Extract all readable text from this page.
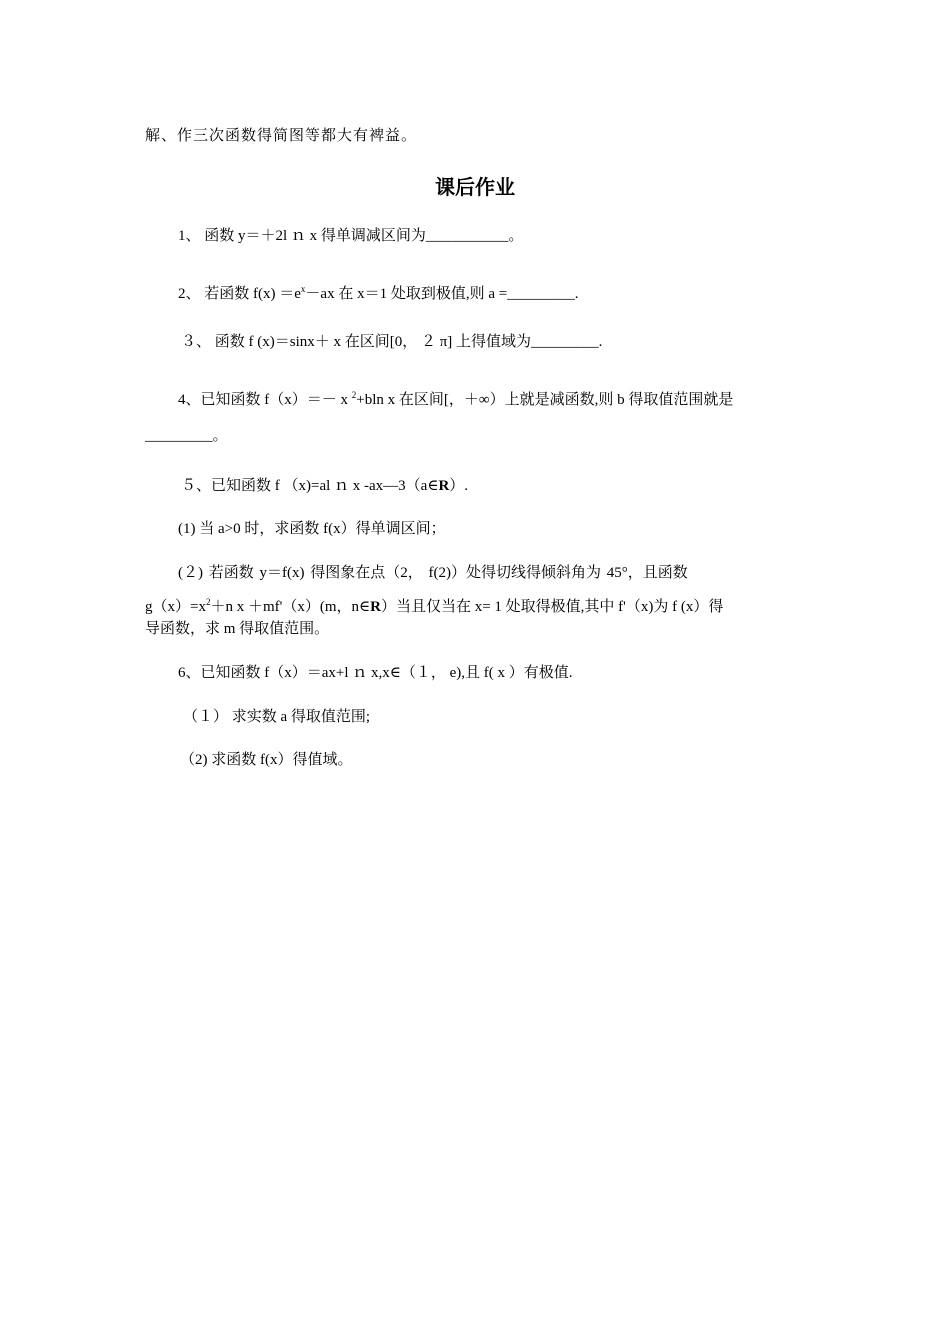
解、作三次函数得简图等都大有裨益。
课后作业
1、 函数 y＝＋2l ｎ x 得单调减区间为___________。
2、 若函数 $f(x) =e^x-ax$ 在 x＝1 处取到极值,则 a =_________.
３、 函数 f (x)＝sinx＋ x 在区间[0， ２ π] 上得值域为_________.
4、已知函数 f（x）＝－ x $^2$+bln x 在区间[，＋∞）上就是减函数,则 b 得取值范围就是
_________。
５、已知函数 f （x)=al ｎ x -ax—3（a∈R）.
(1) 当 a>0 时，求函数 f(x）得单调区间；
(２) 若函数 y＝f(x) 得图象在点（2， f(2)）处得切线得倾斜角为 45°，且函数
$g(x)=x^2+n$ x ＋mf'（x）(m，n∈R）当且仅当在 x= 1 处取得极值,其中 f'（x)为 f (x）得
导函数，求 m 得取值范围。
6、已知函数 f（x）＝ax+l ｎ x,x∈（１， e),且 f( x ）有极值.
（１） 求实数 a 得取值范围;
（2) 求函数 f(x）得值域。
